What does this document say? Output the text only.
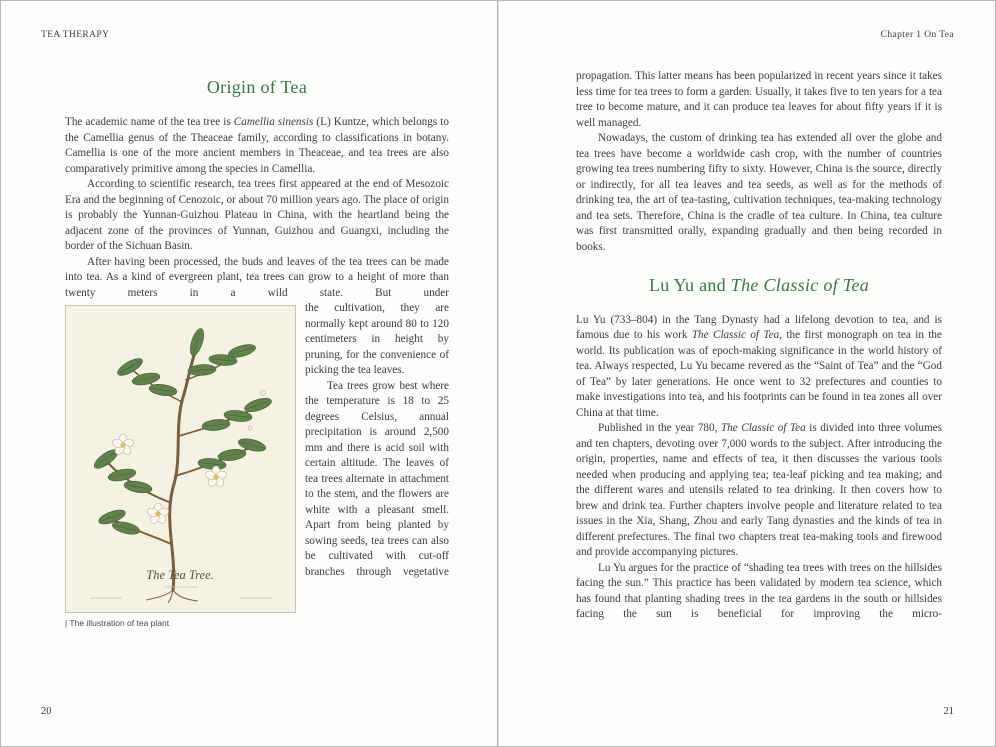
TEA THERAPY
Origin of Tea

The academic name of the tea tree is Camellia sinensis (L) Kuntze, which belongs to the Camellia genus of the Theaceae family, according to classifications in botany. Camellia is one of the more ancient members in Theaceae, and tea trees are also comparatively primitive among the species in Camellia.

According to scientific research, tea trees first appeared at the end of Mesozoic Era and the beginning of Cenozoic, or about 70 million years ago. The place of origin is probably the Yunnan-Guizhou Plateau in China, with the heartland being the adjacent zone of the provinces of Yunnan, Guizhou and Guangxi, including the border of the Sichuan Basin.

After having been processed, the buds and leaves of the tea trees can be made into tea. As a kind of evergreen plant, tea trees can grow to a height of more than twenty meters in a wild state. But under

The Tea Tree.
| The illustration of tea plant

the cultivation, they are normally kept around 80 to 120 centimeters in height by pruning, for the convenience of picking the tea leaves.

Tea trees grow best where the temperature is 18 to 25 degrees Celsius, annual precipitation is around 2,500 mm and there is acid soil with certain altitude. The leaves of tea trees alternate in attachment to the stem, and the flowers are white with a pleasant smell. Apart from being planted by sowing seeds, tea trees can also be cultivated with cut-off branches through vegetative

20
Chapter 1 On Tea

propagation. This latter means has been popularized in recent years since it takes less time for tea trees to form a garden. Usually, it takes five to ten years for a tea tree to become mature, and it can produce tea leaves for about fifty years if it is well managed.

Nowadays, the custom of drinking tea has extended all over the globe and tea trees have become a worldwide cash crop, with the number of countries growing tea trees numbering fifty to sixty. However, China is the source, directly or indirectly, for all tea leaves and tea seeds, as well as for the methods of drinking tea, the art of tea-tasting, cultivation techniques, tea-making technology and tea sets. Therefore, China is the cradle of tea culture. In China, tea culture was first transmitted orally, expanding gradually and then being recorded in books.

Lu Yu and The Classic of Tea

Lu Yu (733–804) in the Tang Dynasty had a lifelong devotion to tea, and is famous due to his work The Classic of Tea, the first monograph on tea in the world. Its publication was of epoch-making significance in the world history of tea. Always respected, Lu Yu became revered as the “Saint of Tea” and the “God of Tea” by later generations. He once went to 32 prefectures and counties to make investigations into tea, and his footprints can be found in tea zones all over China at that time.

Published in the year 780, The Classic of Tea is divided into three volumes and ten chapters, devoting over 7,000 words to the subject. After introducing the origin, properties, name and effects of tea, it then discusses the various tools needed when producing and applying tea; tea-leaf picking and tea making; and the different wares and utensils related to tea drinking. It then covers how to brew and drink tea. Further chapters involve people and literature related to tea issues in the Xia, Shang, Zhou and early Tang dynasties and the kinds of tea in different prefectures. The final two chapters treat tea-making tools and firewood and provide accompanying pictures.

Lu Yu argues for the practice of “shading tea trees with trees on the hillsides facing the sun.” This practice has been validated by modern tea science, which has found that planting shading trees in the tea gardens in the south or hillsides facing the sun is beneficial for improving the micro-

21
